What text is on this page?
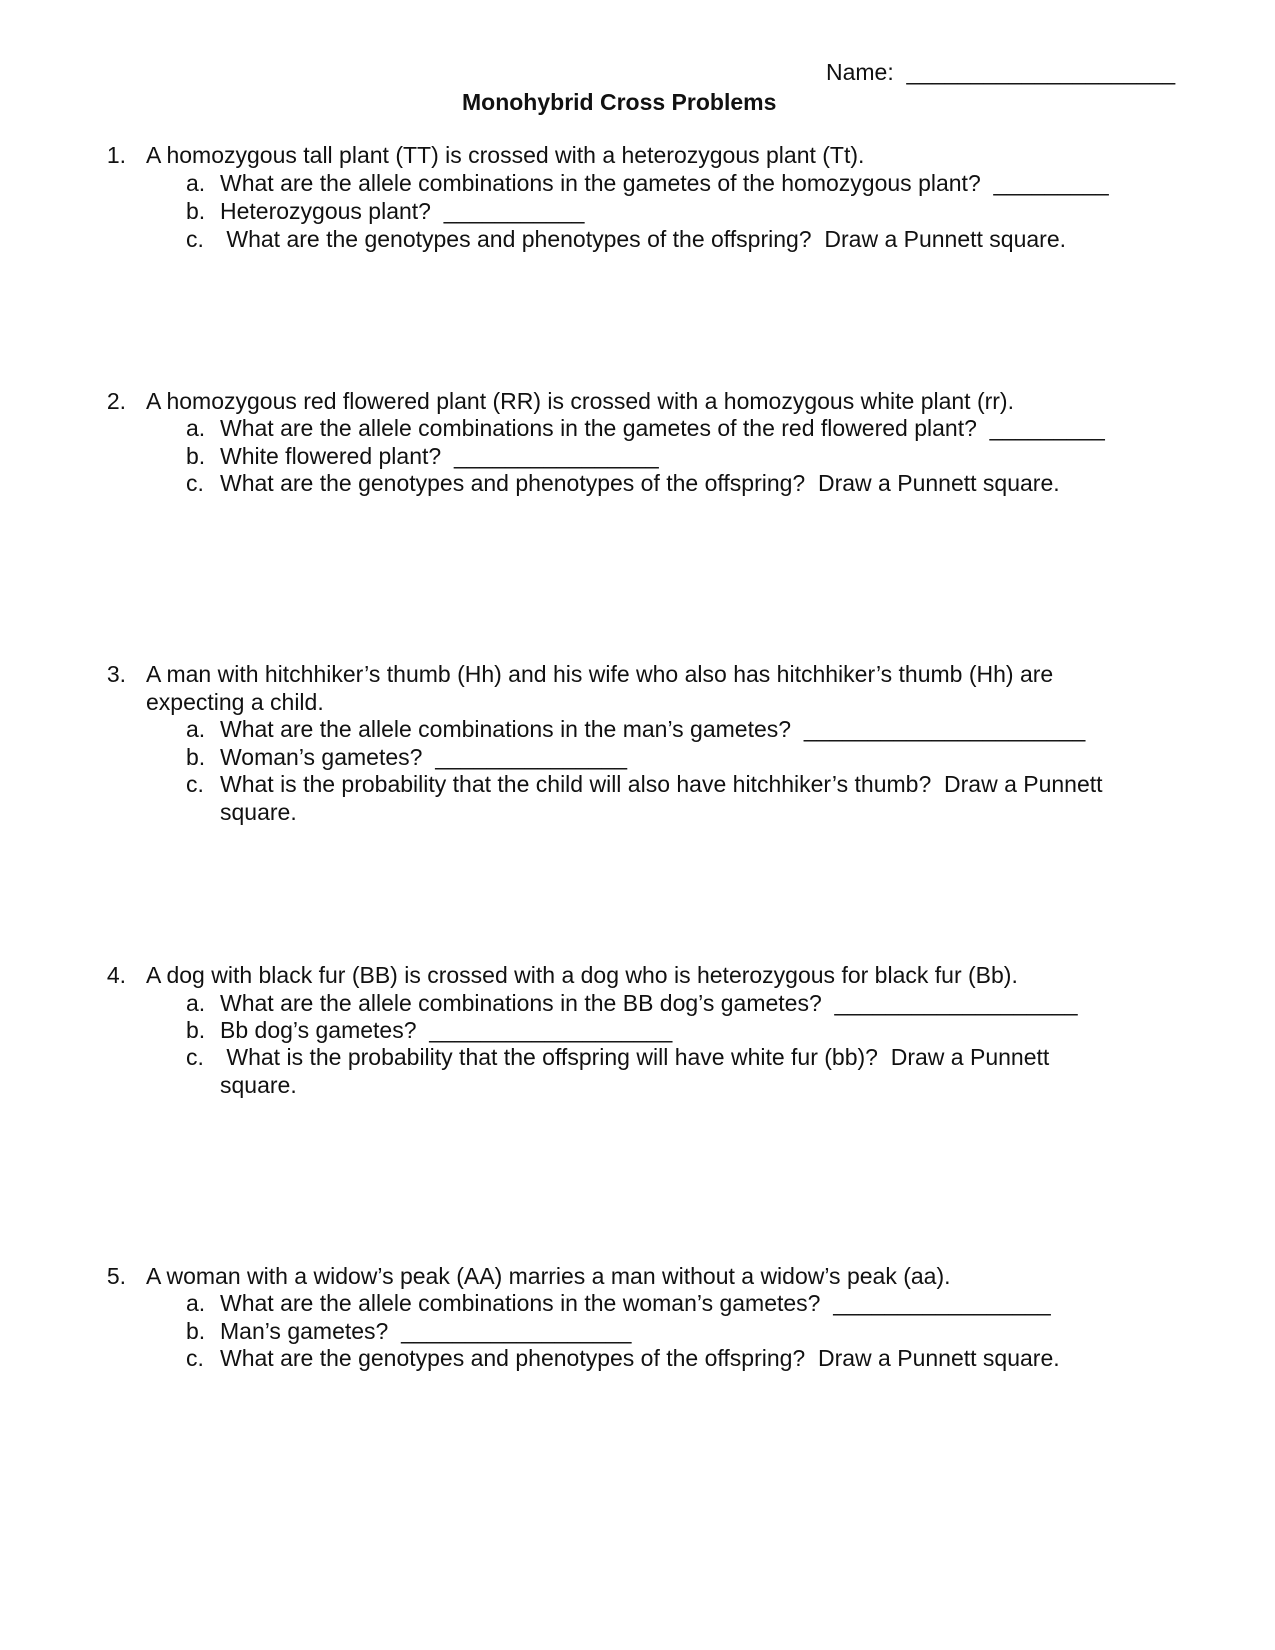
Name:  _____________________
Monohybrid Cross Problems
1. A homozygous tall plant (TT) is crossed with a heterozygous plant (Tt).
a. What are the allele combinations in the gametes of the homozygous plant?  _________
b. Heterozygous plant?  ___________
c. What are the genotypes and phenotypes of the offspring?  Draw a Punnett square.
2. A homozygous red flowered plant (RR) is crossed with a homozygous white plant (rr).
a. What are the allele combinations in the gametes of the red flowered plant?  _________
b. White flowered plant?  ________________
c. What are the genotypes and phenotypes of the offspring?  Draw a Punnett square.
3. A man with hitchhiker’s thumb (Hh) and his wife who also has hitchhiker’s thumb (Hh) are
expecting a child.
a. What are the allele combinations in the man’s gametes?  ______________________
b. Woman’s gametes?  _______________
c. What is the probability that the child will also have hitchhiker’s thumb?  Draw a Punnett
square.
4. A dog with black fur (BB) is crossed with a dog who is heterozygous for black fur (Bb).
a. What are the allele combinations in the BB dog’s gametes?  ___________________
b. Bb dog’s gametes?  ___________________
c. What is the probability that the offspring will have white fur (bb)?  Draw a Punnett
square.
5. A woman with a widow’s peak (AA) marries a man without a widow’s peak (aa).
a. What are the allele combinations in the woman’s gametes?  _________________
b. Man’s gametes?  __________________
c. What are the genotypes and phenotypes of the offspring?  Draw a Punnett square.
